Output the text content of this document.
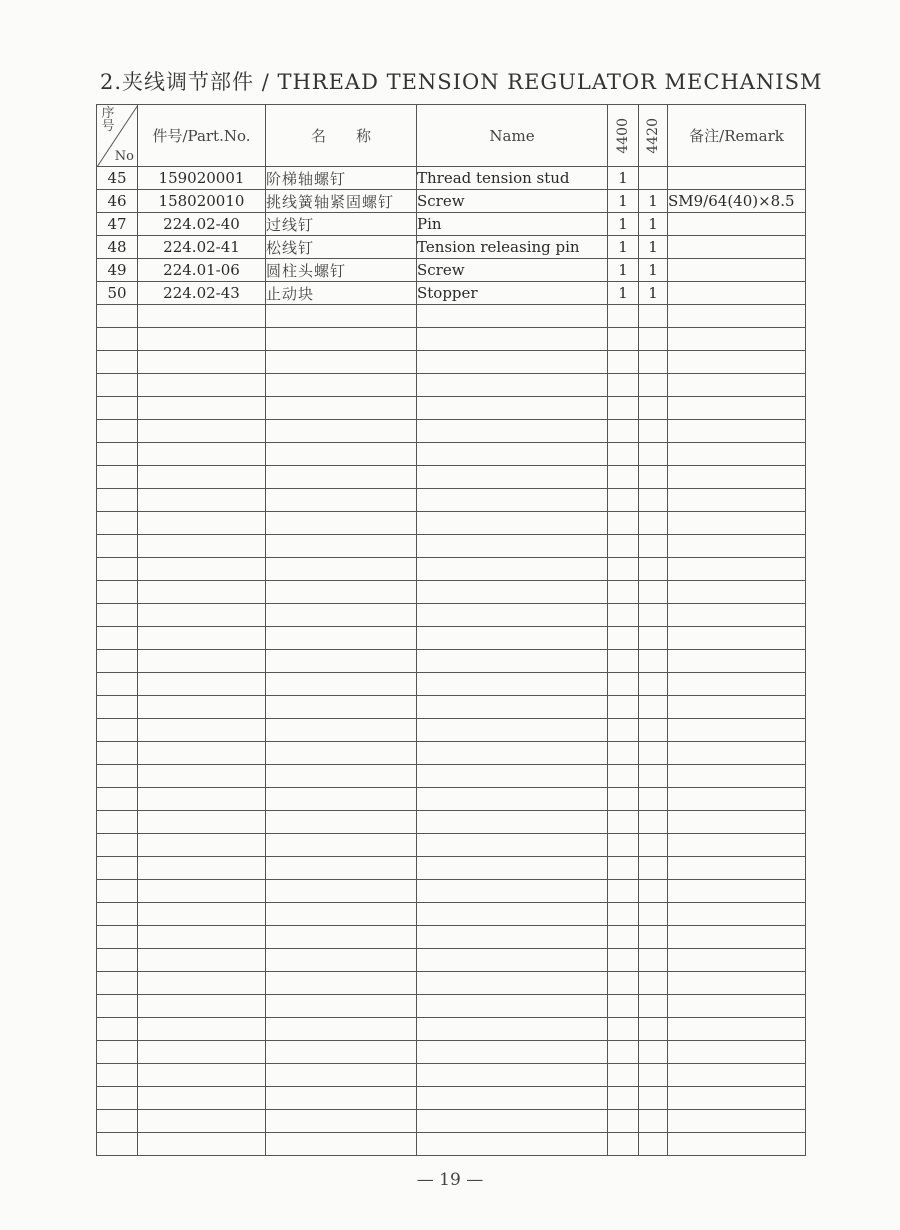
2.夹线调节部件 / THREAD TENSION REGULATOR MECHANISM
序号
No	件号/Part.No.	名　　称	Name	4400	4420	备注/Remark
45	159020001	阶梯轴螺钉	Thread tension stud	1		
46	158020010	挑线簧轴紧固螺钉	Screw	1	1	SM9/64(40)×8.5
47	224.02-40	过线钉	Pin	1	1	
48	224.02-41	松线钉	Tension releasing pin	1	1	
49	224.01-06	圆柱头螺钉	Screw	1	1	
50	224.02-43	止动块	Stopper	1	1	

— 19 —
